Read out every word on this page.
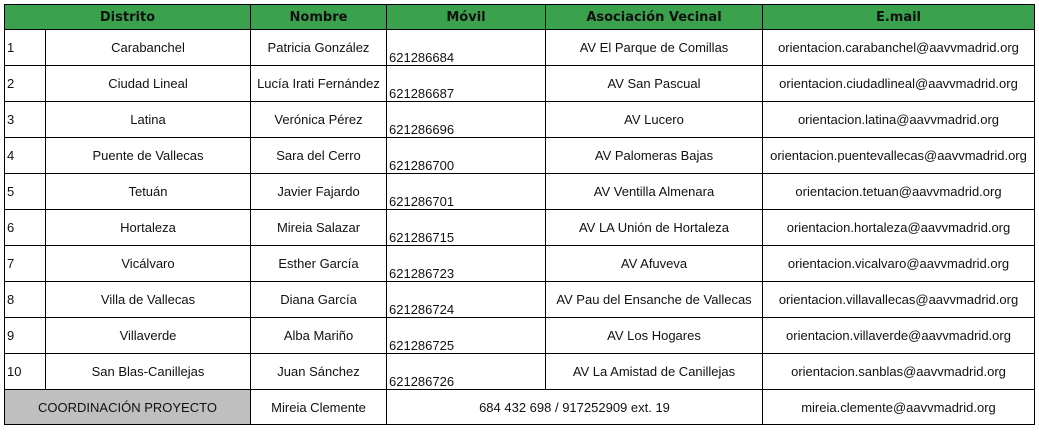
Distrito		Nombre	Móvil	Asociación Vecinal	E.mail
1	Carabanchel	Patricia González	621286684	AV El Parque de Comillas	orientacion.carabanchel@aavvmadrid.org
2	Ciudad Lineal	Lucía Irati Fernández	621286687	AV San Pascual	orientacion.ciudadlineal@aavvmadrid.org
3	Latina	Verónica Pérez	621286696	AV Lucero	orientacion.latina@aavvmadrid.org
4	Puente de Vallecas	Sara del Cerro	621286700	AV Palomeras Bajas	orientacion.puentevallecas@aavvmadrid.org
5	Tetuán	Javier Fajardo	621286701	AV Ventilla Almenara	orientacion.tetuan@aavvmadrid.org
6	Hortaleza	Mireia Salazar	621286715	AV LA Unión de Hortaleza	orientacion.hortaleza@aavvmadrid.org
7	Vicálvaro	Esther García	621286723	AV Afuveva	orientacion.vicalvaro@aavvmadrid.org
8	Villa de Vallecas	Diana García	621286724	AV Pau del Ensanche de Vallecas	orientacion.villavallecas@aavvmadrid.org
9	Villaverde	Alba Mariño	621286725	AV Los Hogares	orientacion.villaverde@aavvmadrid.org
10	San Blas-Canillejas	Juan Sánchez	621286726	AV La Amistad de Canillejas	orientacion.sanblas@aavvmadrid.org
COORDINACIÓN PROYECTO		Mireia Clemente	684 432 698 / 917252909 ext. 19		mireia.clemente@aavvmadrid.org
